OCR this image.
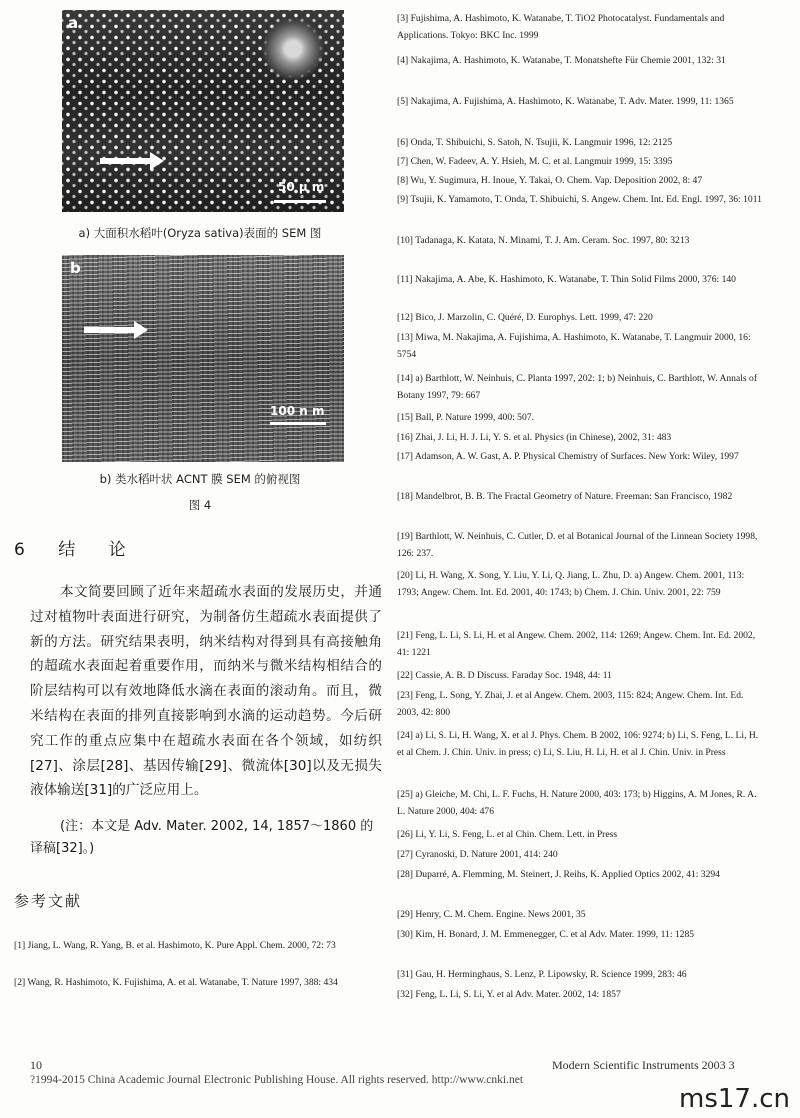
a
50 μ m
a) 大面积水稻叶(Oryza sativa)表面的 SEM 图
b
100 n m
b) 类水稻叶状 ACNT 膜 SEM 的俯视图
图 4
6 结 论
本文简要回顾了近年来超疏水表面的发展历史，并通过对植物叶表面进行研究，为制备仿生超疏水表面提供了新的方法。研究结果表明，纳米结构对得到具有高接触角的超疏水表面起着重要作用，而纳米与微米结构相结合的阶层结构可以有效地降低水滴在表面的滚动角。而且，微米结构在表面的排列直接影响到水滴的运动趋势。今后研究工作的重点应集中在超疏水表面在各个领域，如纺织[27]、涂层[28]、基因传输[29]、微流体[30]以及无损失液体输送[31]的广泛应用上。
(注：本文是 Adv. Mater. 2002, 14, 1857～1860 的译稿[32]。)
参考文献
[1] Jiang, L. Wang, R. Yang, B. et al. Hashimoto, K. Pure Appl. Chem. 2000, 72: 73
[2] Wang, R. Hashimoto, K. Fujishima, A. et al. Watanabe, T. Nature 1997, 388: 434
[3] Fujishima, A. Hashimoto, K. Watanabe, T. TiO2 Photocatalyst. Fundamentals and Applications. Tokyo: BKC Inc. 1999
[4] Nakajima, A. Hashimoto, K. Watanabe, T. Monatshefte Für Chemie 2001, 132: 31
[5] Nakajima, A. Fujishima, A. Hashimoto, K. Watanabe, T. Adv. Mater. 1999, 11: 1365
[6] Onda, T. Shibuichi, S. Satoh, N. Tsujii, K. Langmuir 1996, 12: 2125
[7] Chen, W. Fadeev, A. Y. Hsieh, M. C. et al. Langmuir 1999, 15: 3395
[8] Wu, Y. Sugimura, H. Inoue, Y. Takai, O. Chem. Vap. Deposition 2002, 8: 47
[9] Tsujii, K. Yamamoto, T. Onda, T. Shibuichi, S. Angew. Chem. Int. Ed. Engl. 1997, 36: 1011
[10] Tadanaga, K. Katata, N. Minami, T. J. Am. Ceram. Soc. 1997, 80: 3213
[11] Nakajima, A. Abe, K. Hashimoto, K. Watanabe, T. Thin Solid Films 2000, 376: 140
[12] Bico, J. Marzolin, C. Quéré, D. Europhys. Lett. 1999, 47: 220
[13] Miwa, M. Nakajima, A. Fujishima, A. Hashimoto, K. Watanabe, T. Langmuir 2000, 16: 5754
[14] a) Barthlott, W. Neinhuis, C. Planta 1997, 202: 1; b) Neinhuis, C. Barthlott, W. Annals of Botany 1997, 79: 667
[15] Ball, P. Nature 1999, 400: 507.
[16] Zhai, J. Li, H. J. Li, Y. S. et al. Physics (in Chinese), 2002, 31: 483
[17] Adamson, A. W. Gast, A. P. Physical Chemistry of Surfaces. New York: Wiley, 1997
[18] Mandelbrot, B. B. The Fractal Geometry of Nature. Freeman: San Francisco, 1982
[19] Barthlott, W. Neinhuis, C. Cutler, D. et al Botanical Journal of the Linnean Society 1998, 126: 237.
[20] Li, H. Wang, X. Song, Y. Liu, Y. Li, Q. Jiang, L. Zhu, D. a) Angew. Chem. 2001, 113: 1793; Angew. Chem. Int. Ed. 2001, 40: 1743; b) Chem. J. Chin. Univ. 2001, 22: 759
[21] Feng, L. Li, S. Li, H. et al Angew. Chem. 2002, 114: 1269; Angew. Chem. Int. Ed. 2002, 41: 1221
[22] Cassie, A. B. D Discuss. Faraday Soc. 1948, 44: 11
[23] Feng, L. Song, Y. Zhai, J. et al Angew. Chem. 2003, 115: 824; Angew. Chem. Int. Ed. 2003, 42: 800
[24] a) Li, S. Li, H. Wang, X. et al J. Phys. Chem. B 2002, 106: 9274; b) Li, S. Feng, L. Li, H. et al Chem. J. Chin. Univ. in press; c) Li, S. Liu, H. Li, H. et al J. Chin. Univ. in Press
[25] a) Gleiche, M. Chi, L. F. Fuchs, H. Nature 2000, 403: 173; b) Higgins, A. M Jones, R. A. L. Nature 2000, 404: 476
[26] Li, Y. Li, S. Feng, L. et al Chin. Chem. Lett. in Press
[27] Cyranoski, D. Nature 2001, 414: 240
[28] Duparré, A. Flemming, M. Steinert, J. Reihs, K. Applied Optics 2002, 41: 3294
[29] Henry, C. M. Chem. Engine. News 2001, 35
[30] Kim, H. Bonard, J. M. Emmenegger, C. et al Adv. Mater. 1999, 11: 1285
[31] Gau, H. Herminghaus, S. Lenz, P. Lipowsky, R. Science 1999, 283: 46
[32] Feng, L. Li, S. Li, Y. et al Adv. Mater. 2002, 14: 1857
10	Modern Scientific Instruments 2003 3
?1994-2015 China Academic Journal Electronic Publishing House. All rights reserved. http://www.cnki.net
ms17.cn
